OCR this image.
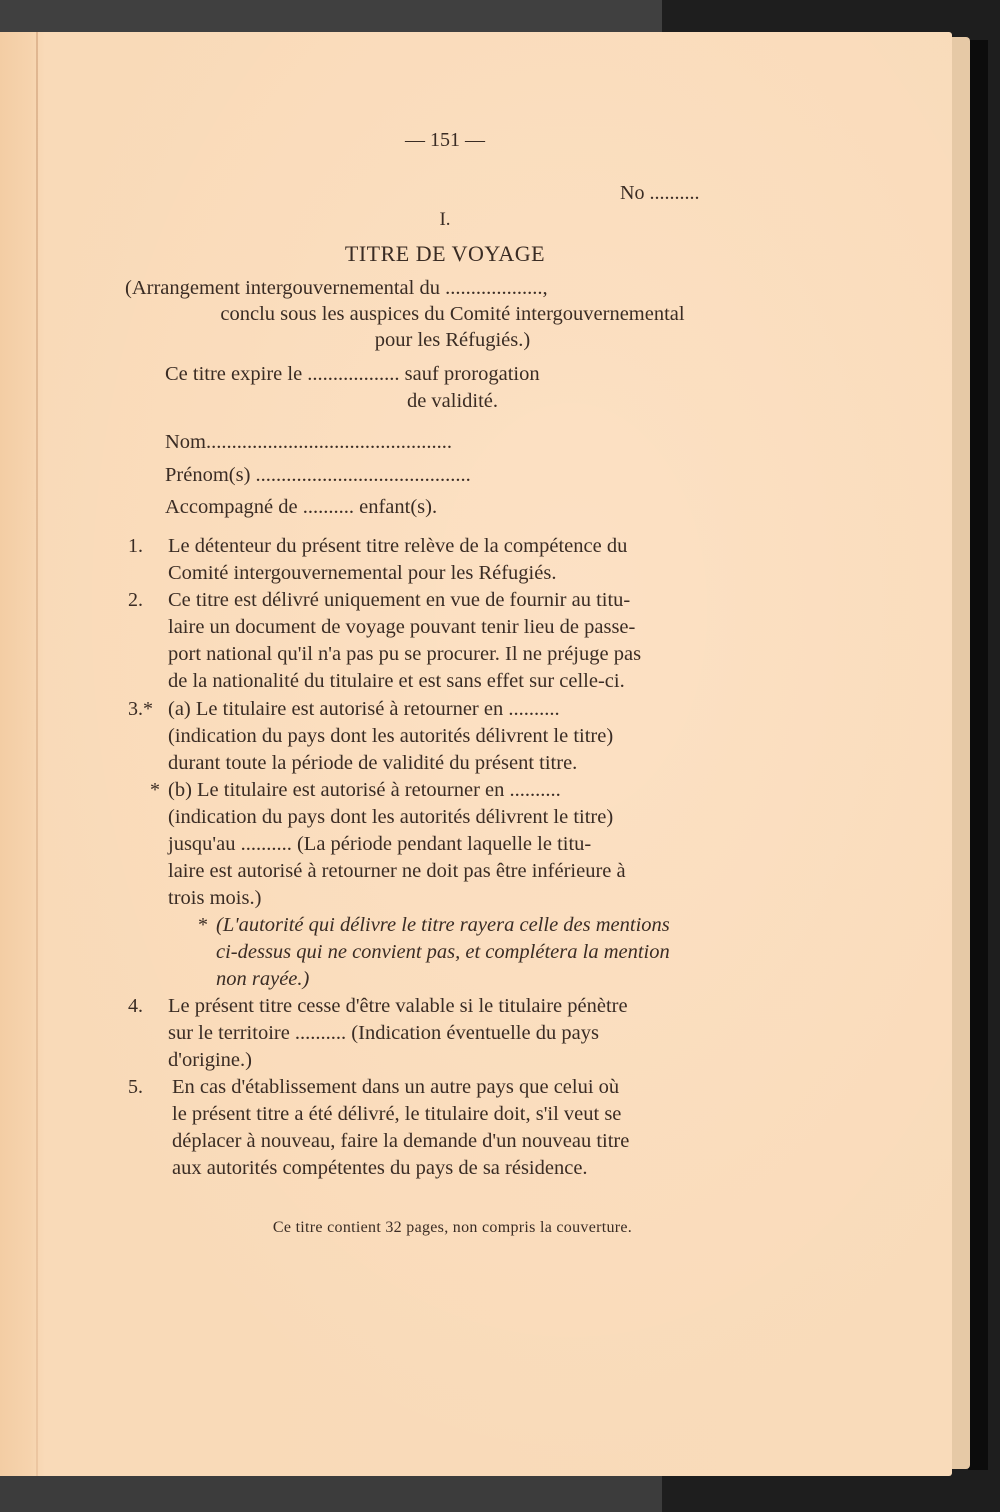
— 151 —
No ..........
I.
TITRE DE VOYAGE
(Arrangement intergouvernemental du ...................,
conclu sous les auspices du Comité intergouvernemental
pour les Réfugiés.)
Ce titre expire le .................. sauf prorogation
de validité.
Nom................................................
Prénom(s) ..........................................
Accompagné de .......... enfant(s).
1. Le détenteur du présent titre relève de la compétence du
Comité intergouvernemental pour les Réfugiés.
2. Ce titre est délivré uniquement en vue de fournir au titu-
laire un document de voyage pouvant tenir lieu de passe-
port national qu'il n'a pas pu se procurer. Il ne préjuge pas
de la nationalité du titulaire et est sans effet sur celle-ci.
3.* (a) Le titulaire est autorisé à retourner en ..........
(indication du pays dont les autorités délivrent le titre)
durant toute la période de validité du présent titre.
* (b) Le titulaire est autorisé à retourner en ..........
(indication du pays dont les autorités délivrent le titre)
jusqu'au .......... (La période pendant laquelle le titu-
laire est autorisé à retourner ne doit pas être inférieure à
trois mois.)
* (L'autorité qui délivre le titre rayera celle des mentions
ci-dessus qui ne convient pas, et complétera la mention
non rayée.)
4. Le présent titre cesse d'être valable si le titulaire pénètre
sur le territoire .......... (Indication éventuelle du pays
d'origine.)
5. En cas d'établissement dans un autre pays que celui où
le présent titre a été délivré, le titulaire doit, s'il veut se
déplacer à nouveau, faire la demande d'un nouveau titre
aux autorités compétentes du pays de sa résidence.
Ce titre contient 32 pages, non compris la couverture.
